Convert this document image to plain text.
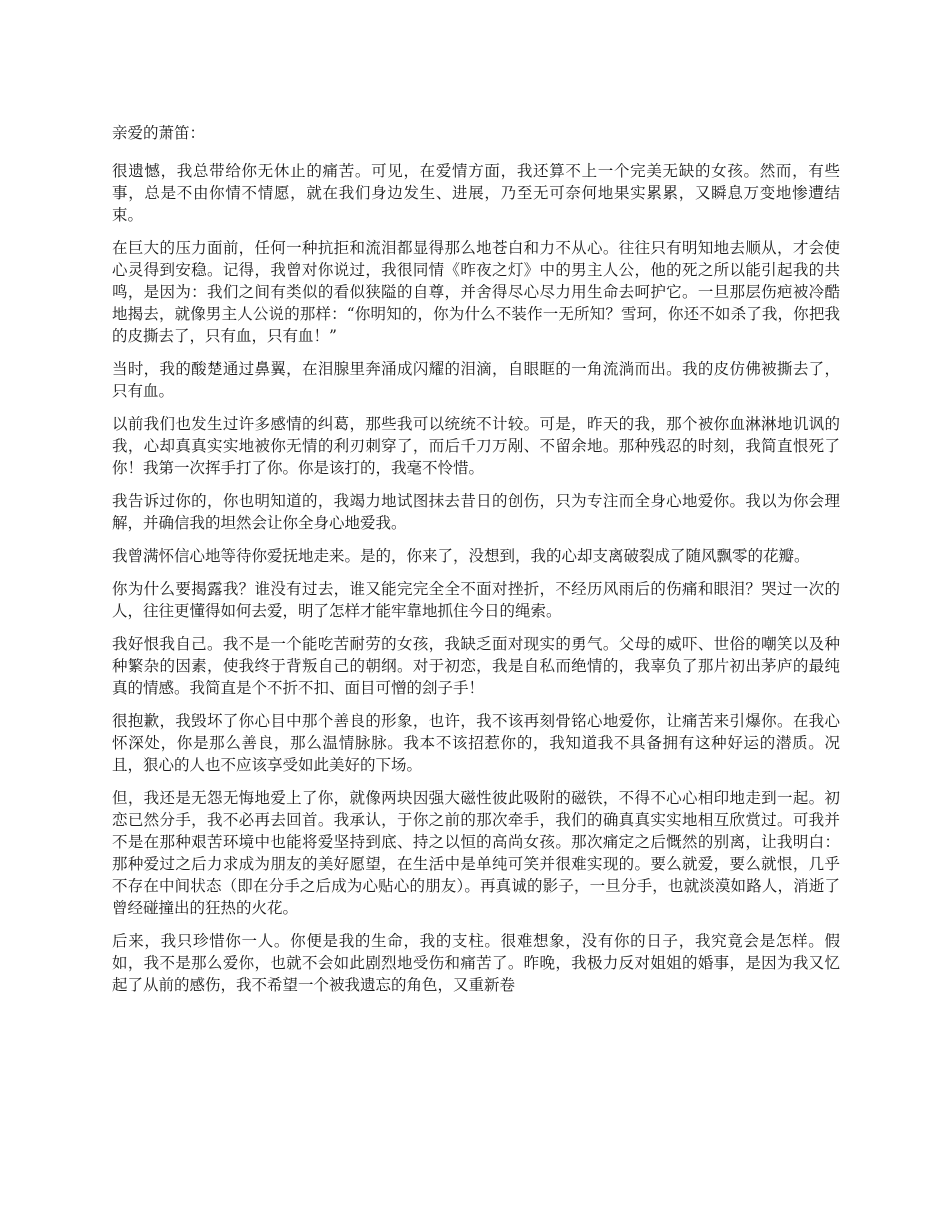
亲爱的萧笛：

很遗憾，我总带给你无休止的痛苦。可见，在爱情方面，我还算不上一个完美无缺的女孩。然而，有些事，总是不由你情不情愿，就在我们身边发生、进展，乃至无可奈何地果实累累，又瞬息万变地惨遭结束。

在巨大的压力面前，任何一种抗拒和流泪都显得那么地苍白和力不从心。往往只有明知地去顺从，才会使心灵得到安稳。记得，我曾对你说过，我很同情《昨夜之灯》中的男主人公，他的死之所以能引起我的共鸣，是因为：我们之间有类似的看似狭隘的自尊，并舍得尽心尽力用生命去呵护它。一旦那层伤疤被冷酷地揭去，就像男主人公说的那样：“你明知的，你为什么不装作一无所知？雪珂，你还不如杀了我，你把我的皮撕去了，只有血，只有血！”

当时，我的酸楚通过鼻翼，在泪腺里奔涌成闪耀的泪滴，自眼眶的一角流淌而出。我的皮仿佛被撕去了，只有血。

以前我们也发生过许多感情的纠葛，那些我可以统统不计较。可是，昨天的我，那个被你血淋淋地讥讽的我，心却真真实实地被你无情的利刃刺穿了，而后千刀万剐、不留余地。那种残忍的时刻，我简直恨死了你！我第一次挥手打了你。你是该打的，我毫不怜惜。

我告诉过你的，你也明知道的，我竭力地试图抹去昔日的创伤，只为专注而全身心地爱你。我以为你会理解，并确信我的坦然会让你全身心地爱我。

我曾满怀信心地等待你爱抚地走来。是的，你来了，没想到，我的心却支离破裂成了随风飘零的花瓣。

你为什么要揭露我？谁没有过去，谁又能完完全全不面对挫折，不经历风雨后的伤痛和眼泪？哭过一次的人，往往更懂得如何去爱，明了怎样才能牢靠地抓住今日的绳索。

我好恨我自己。我不是一个能吃苦耐劳的女孩，我缺乏面对现实的勇气。父母的威吓、世俗的嘲笑以及种种繁杂的因素，使我终于背叛自己的朝纲。对于初恋，我是自私而绝情的，我辜负了那片初出茅庐的最纯真的情感。我简直是个不折不扣、面目可憎的刽子手！

很抱歉，我毁坏了你心目中那个善良的形象，也许，我不该再刻骨铭心地爱你，让痛苦来引爆你。在我心怀深处，你是那么善良，那么温情脉脉。我本不该招惹你的，我知道我不具备拥有这种好运的潜质。况且，狠心的人也不应该享受如此美好的下场。

但，我还是无怨无悔地爱上了你，就像两块因强大磁性彼此吸附的磁铁，不得不心心相印地走到一起。初恋已然分手，我不必再去回首。我承认，于你之前的那次牵手，我们的确真真实实地相互欣赏过。可我并不是在那种艰苦环境中也能将爱坚持到底、持之以恒的高尚女孩。那次痛定之后慨然的别离，让我明白：那种爱过之后力求成为朋友的美好愿望，在生活中是单纯可笑并很难实现的。要么就爱，要么就恨，几乎不存在中间状态（即在分手之后成为心贴心的朋友）。再真诚的影子，一旦分手，也就淡漠如路人，消逝了曾经碰撞出的狂热的火花。

后来，我只珍惜你一人。你便是我的生命，我的支柱。很难想象，没有你的日子，我究竟会是怎样。假如，我不是那么爱你，也就不会如此剧烈地受伤和痛苦了。昨晚，我极力反对姐姐的婚事，是因为我又忆起了从前的感伤，我不希望一个被我遗忘的角色，又重新卷
